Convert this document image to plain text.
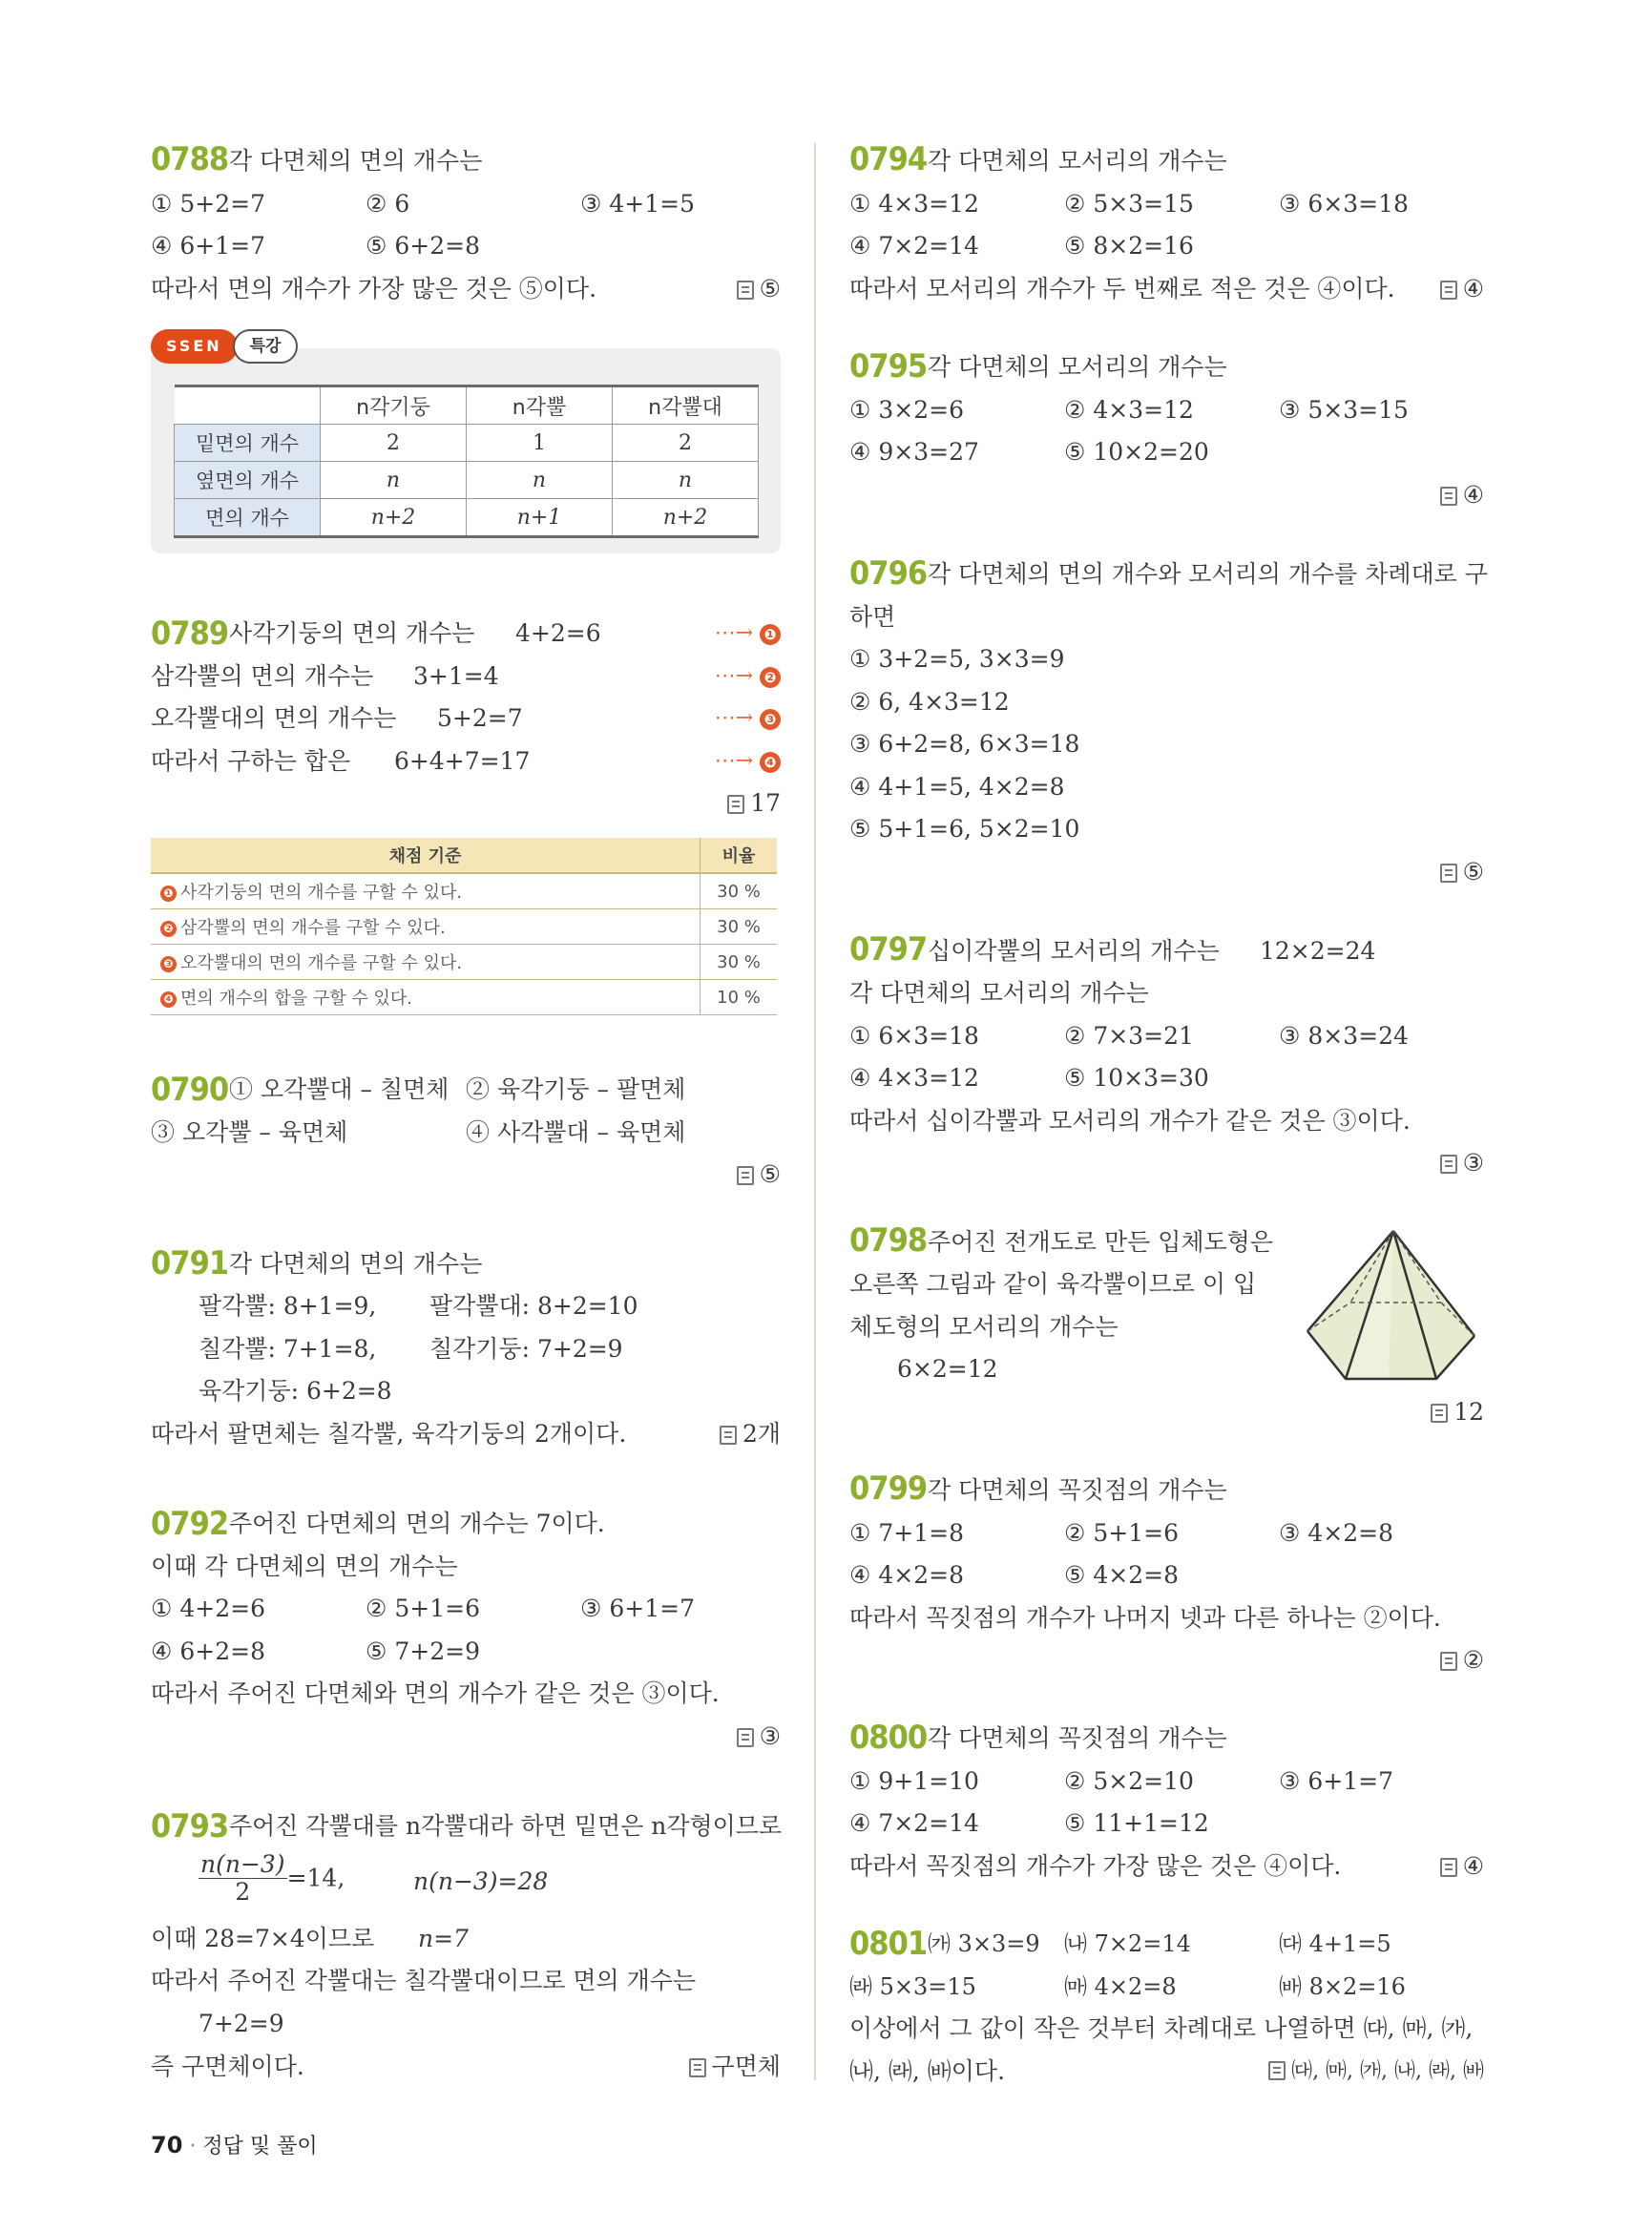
0788 각 다면체의 면의 개수는
① 5+2=7	② 6	③ 4+1=5
④ 6+1=7	⑤ 6+2=8
따라서 면의 개수가 가장 많은 것은 ⑤이다.	⑤
SSEN	특강
	n각기둥	n각뿔	n각뿔대
밑면의 개수	2	1	2
옆면의 개수	n	n	n
면의 개수	n+2	n+1	n+2
0789 사각기둥의 면의 개수는 4+2=6	⋯→ ❶
삼각뿔의 면의 개수는 3+1=4	⋯→ ❷
오각뿔대의 면의 개수는 5+2=7	⋯→ ❸
따라서 구하는 합은 6+4+7=17	⋯→ ❹
17
채점 기준	비율
❶ 사각기둥의 면의 개수를 구할 수 있다.	30 %
❷ 삼각뿔의 면의 개수를 구할 수 있다.	30 %
❸ 오각뿔대의 면의 개수를 구할 수 있다.	30 %
❹ 면의 개수의 합을 구할 수 있다.	10 %
0790 ① 오각뿔대 – 칠면체 ② 육각기둥 – 팔면체
③ 오각뿔 – 육면체	④ 사각뿔대 – 육면체
⑤
0791 각 다면체의 면의 개수는
팔각뿔: 8+1=9, 팔각뿔대: 8+2=10
칠각뿔: 7+1=8, 칠각기둥: 7+2=9
육각기둥: 6+2=8
따라서 팔면체는 칠각뿔, 육각기둥의 2개이다.	2개
0792 주어진 다면체의 면의 개수는 7이다.
이때 각 다면체의 면의 개수는
① 4+2=6	② 5+1=6	③ 6+1=7
④ 6+2=8	⑤ 7+2=9
따라서 주어진 다면체와 면의 개수가 같은 것은 ③이다.
③
0793 주어진 각뿔대를 n각뿔대라 하면 밑면은 n각형이므로
$\frac{n(n-3)}{2} =14$,	n(n−3)=28
이때 28=7×4이므로 n=7
따라서 주어진 각뿔대는 칠각뿔대이므로 면의 개수는
7+2=9
즉 구면체이다.	구면체
0794 각 다면체의 모서리의 개수는
① 4×3=12	② 5×3=15	③ 6×3=18
④ 7×2=14	⑤ 8×2=16
따라서 모서리의 개수가 두 번째로 적은 것은 ④이다.	④
0795 각 다면체의 모서리의 개수는
① 3×2=6	② 4×3=12	③ 5×3=15
④ 9×3=27	⑤ 10×2=20
④
0796 각 다면체의 면의 개수와 모서리의 개수를 차례대로 구
하면
① 3+2=5, 3×3=9
② 6, 4×3=12
③ 6+2=8, 6×3=18
④ 4+1=5, 4×2=8
⑤ 5+1=6, 5×2=10
⑤
0797 십이각뿔의 모서리의 개수는 12×2=24
각 다면체의 모서리의 개수는
① 6×3=18	② 7×3=21	③ 8×3=24
④ 4×3=12	⑤ 10×3=30
따라서 십이각뿔과 모서리의 개수가 같은 것은 ③이다.
③
0798 주어진 전개도로 만든 입체도형은
오른쪽 그림과 같이 육각뿔이므로 이 입
체도형의 모서리의 개수는
6×2=12
12
0799 각 다면체의 꼭짓점의 개수는
① 7+1=8	② 5+1=6	③ 4×2=8
④ 4×2=8	⑤ 4×2=8
따라서 꼭짓점의 개수가 나머지 넷과 다른 하나는 ②이다.
②
0800 각 다면체의 꼭짓점의 개수는
① 9+1=10	② 5×2=10	③ 6+1=7
④ 7×2=14	⑤ 11+1=12
따라서 꼭짓점의 개수가 가장 많은 것은 ④이다.	④
0801 ㈎ 3×3=9 ㈏ 7×2=14	㈐ 4+1=5
㈑ 5×3=15	㈒ 4×2=8	㈓ 8×2=16
이상에서 그 값이 작은 것부터 차례대로 나열하면 ㈐, ㈒, ㈎,
㈏, ㈑, ㈓이다.	㈐, ㈒, ㈎, ㈏, ㈑, ㈓
70 · 정답 및 풀이
